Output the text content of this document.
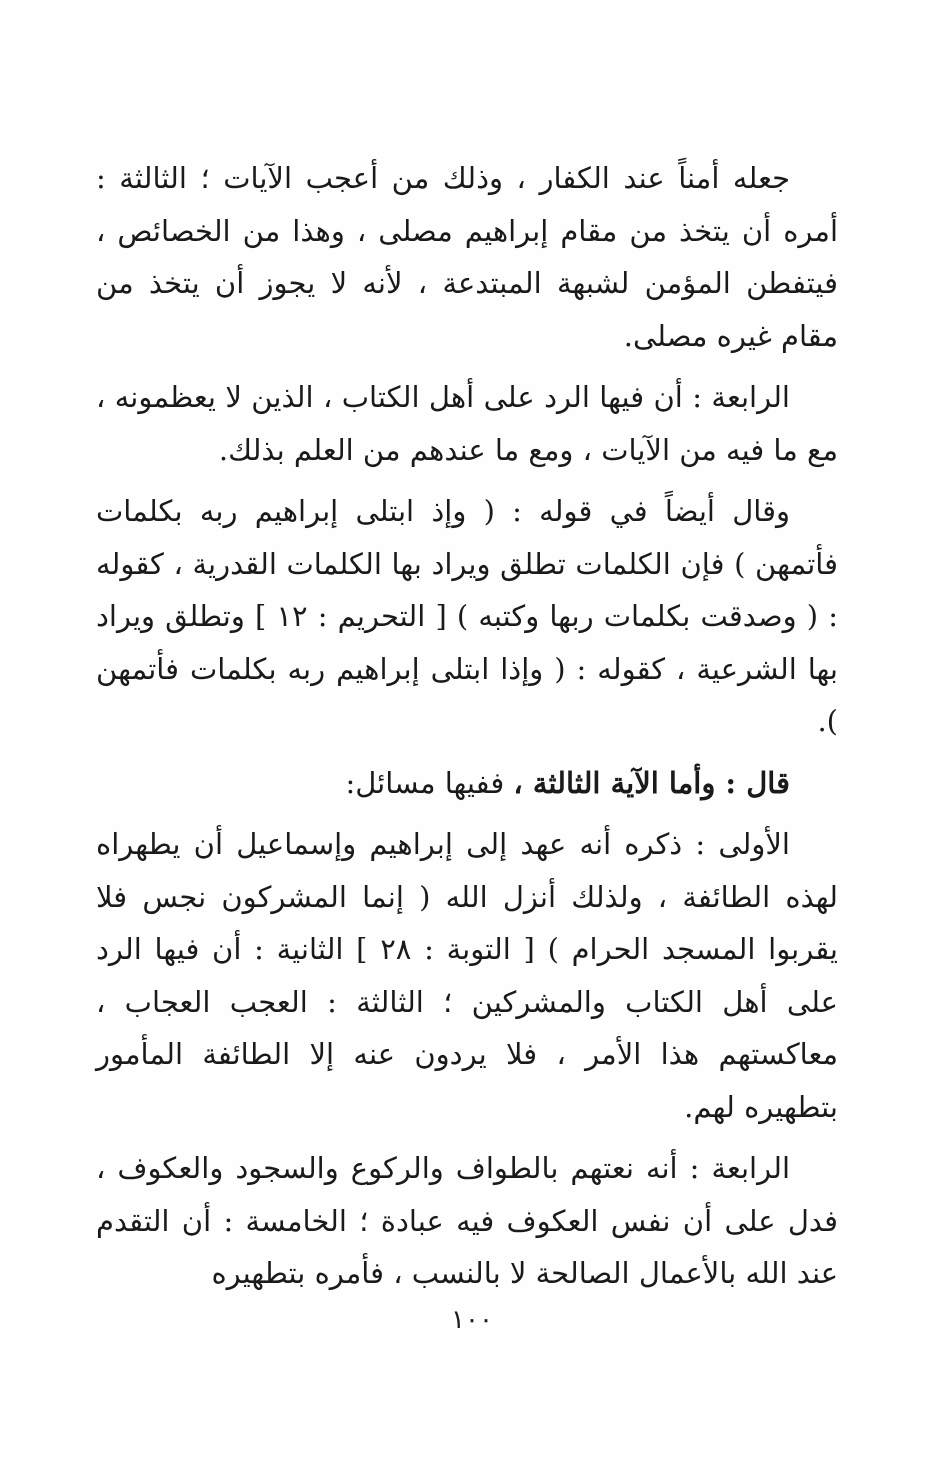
جعله أمناً عند الكفار ، وذلك من أعجب الآيات ؛ الثالثة : أمره أن يتخذ من مقام إبراهيم مصلى ، وهذا من الخصائص ، فيتفطن المؤمن لشبهة المبتدعة ، لأنه لا يجوز أن يتخذ من مقام غيره مصلى.

الرابعة : أن فيها الرد على أهل الكتاب ، الذين لا يعظمونه ، مع ما فيه من الآيات ، ومع ما عندهم من العلم بذلك.

وقال أيضاً في قوله : ( وإذ ابتلى إبراهيم ربه بكلمات فأتمهن ) فإن الكلمات تطلق ويراد بها الكلمات القدرية ، كقوله : ( وصدقت بكلمات ربها وكتبه ) [ التحريم : ١٢ ] وتطلق ويراد بها الشرعية ، كقوله : ( وإذا ابتلى إبراهيم ربه بكلمات فأتمهن ).

قال : وأما الآية الثالثة ، ففيها مسائل:

الأولى : ذكره أنه عهد إلى إبراهيم وإسماعيل أن يطهراه لهذه الطائفة ، ولذلك أنزل الله ( إنما المشركون نجس فلا يقربوا المسجد الحرام ) [ التوبة : ٢٨ ] الثانية : أن فيها الرد على أهل الكتاب والمشركين ؛ الثالثة : العجب العجاب ، معاكستهم هذا الأمر ، فلا يردون عنه إلا الطائفة المأمور بتطهيره لهم.

الرابعة : أنه نعتهم بالطواف والركوع والسجود والعكوف ، فدل على أن نفس العكوف فيه عبادة ؛ الخامسة : أن التقدم عند الله بالأعمال الصالحة لا بالنسب ، فأمره بتطهيره

١٠٠
